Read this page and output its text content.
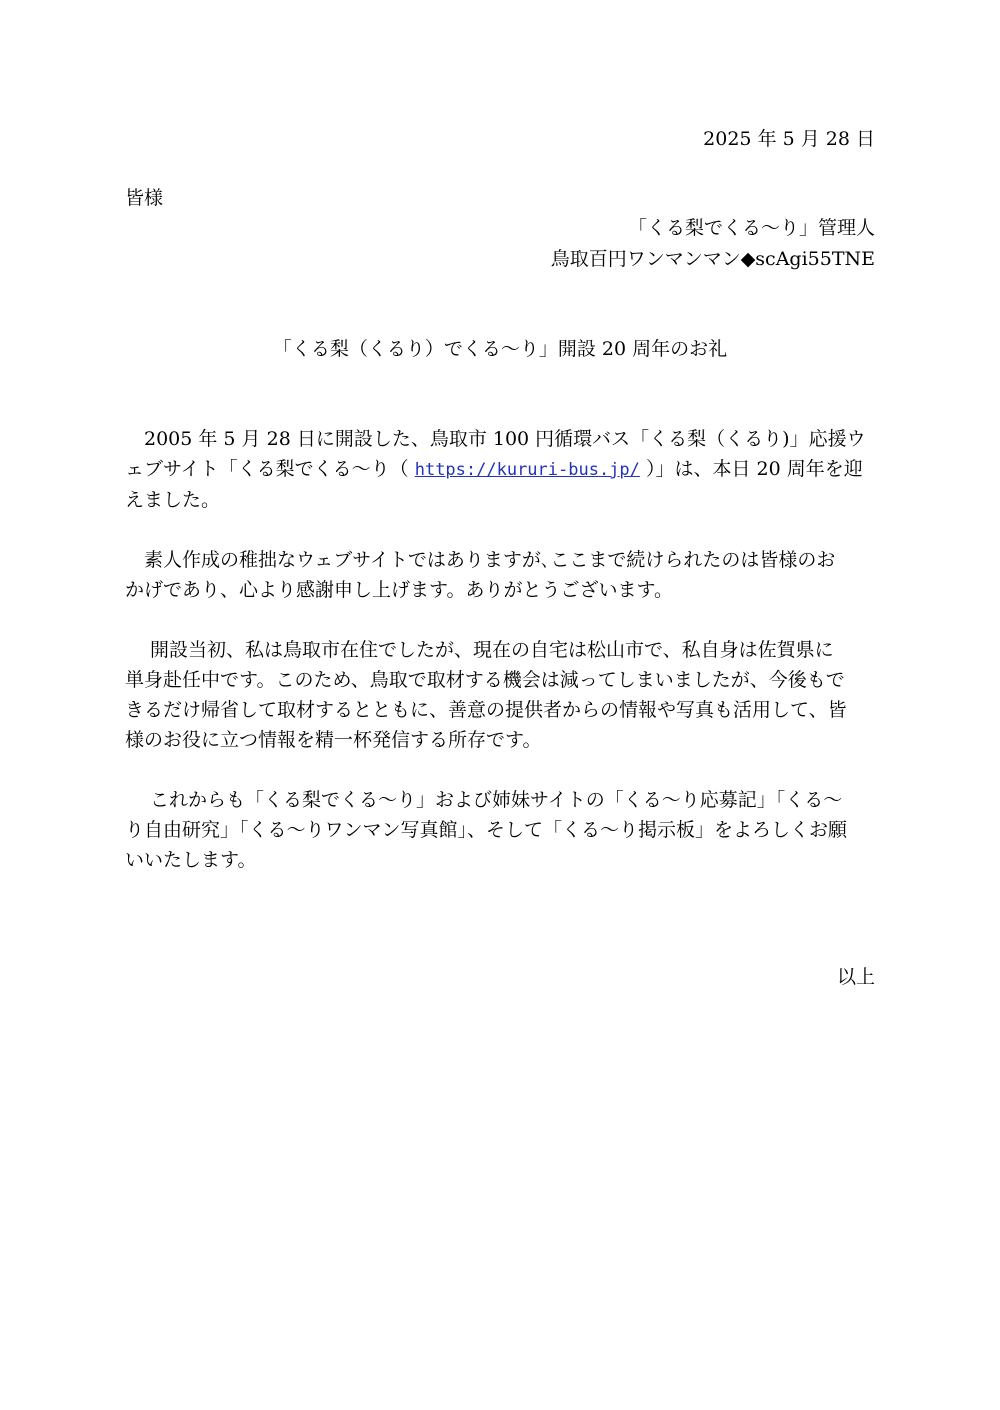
2025 年 5 月 28 日
皆様
「くる梨でくる〜り」管理人
鳥取百円ワンマンマン◆scAgi55TNE
「くる梨（くるり）でくる〜り」開設 20 周年のお礼
　2005 年 5 月 28 日に開設した、鳥取市 100 円循環バス「くる梨（くるり)」応援ウ
ェブサイト「くる梨でくる〜り（ https://kururi-bus.jp/ ）」は、本日 20 周年を迎
えました。
　素人作成の稚拙なウェブサイトではありますが､ここまで続けられたのは皆様のお
かげであり、心より感謝申し上げます。ありがとうございます。
　 開設当初、私は鳥取市在住でしたが、現在の自宅は松山市で、私自身は佐賀県に
単身赴任中です。このため、鳥取で取材する機会は減ってしまいましたが、今後もで
きるだけ帰省して取材するとともに、善意の提供者からの情報や写真も活用して、皆
様のお役に立つ情報を精一杯発信する所存です。
　 これからも「くる梨でくる〜り」および姉妹サイトの「くる〜り応募記」「くる〜
り自由研究」「くる〜りワンマン写真館」、そして「くる〜り掲示板」をよろしくお願
いいたします。
以上
